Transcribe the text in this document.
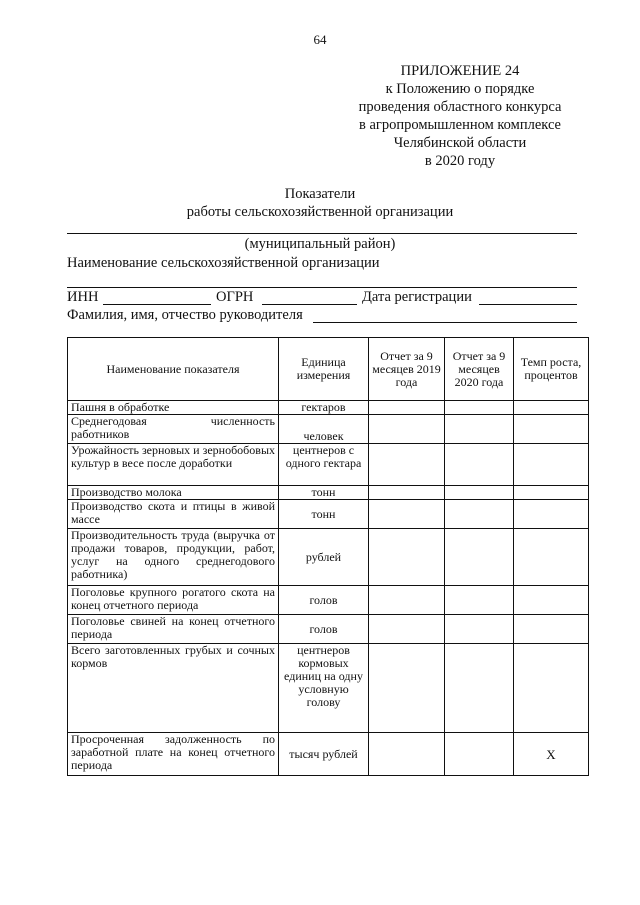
64
ПРИЛОЖЕНИЕ 24
к Положению о порядке
проведения областного конкурса
в агропромышленном комплексе
Челябинской области
в 2020 году
Показатели
работы сельскохозяйственной организации
(муниципальный район)
Наименование сельскохозяйственной организации
ИНН	ОГРН	Дата регистрации
Фамилия, имя, отчество руководителя
Наименование показателя	Единица измерения	Отчет за 9 месяцев 2019 года	Отчет за 9 месяцев 2020 года	Темп роста, процентов
Пашня в обработке	гектаров			
Среднегодовая численность работников	человек			
Урожайность зерновых и зернобобовых культур в весе после доработки	центнеров с одного гектара			
Производство молока	тонн			
Производство скота и птицы в живой массе	тонн			
Производительность труда (выручка от продажи товаров, продукции, работ, услуг на одного среднегодового работника)	рублей			
Поголовье крупного рогатого скота на конец отчетного периода	голов			
Поголовье свиней на конец отчетного периода	голов			
Всего заготовленных грубых и сочных кормов	центнеров кормовых единиц на одну условную голову			
Просроченная задолженность по заработной плате на конец отчетного периода	тысяч рублей			Х
